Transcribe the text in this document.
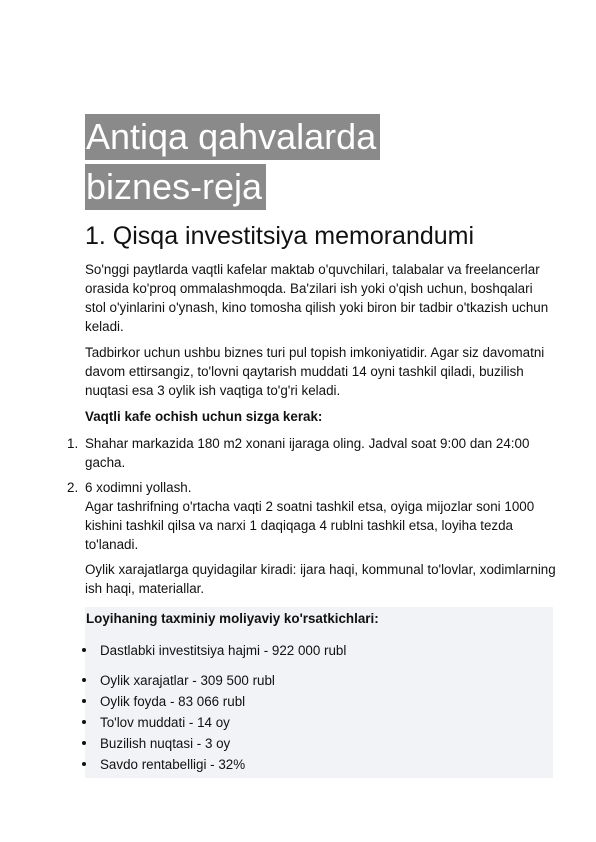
Antiqa qahvalarda
biznes-reja
1. Qisqa investitsiya memorandumi

So'nggi paytlarda vaqtli kafelar maktab o'quvchilari, talabalar va freelancerlar orasida ko'proq ommalashmoqda. Ba'zilari ish yoki o'qish uchun, boshqalari stol o'yinlarini o'ynash, kino tomosha qilish yoki biron bir tadbir o'tkazish uchun keladi.

Tadbirkor uchun ushbu biznes turi pul topish imkoniyatidir. Agar siz davomatni davom ettirsangiz, to'lovni qaytarish muddati 14 oyni tashkil qiladi, buzilish nuqtasi esa 3 oylik ish vaqtiga to'g'ri keladi.

Vaqtli kafe ochish uchun sizga kerak:

1. Shahar markazida 180 m2 xonani ijaraga oling. Jadval soat 9:00 dan 24:00 gacha.
2. 6 xodimni yollash.
Agar tashrifning o'rtacha vaqti 2 soatni tashkil etsa, oyiga mijozlar soni 1000 kishini tashkil qilsa va narxi 1 daqiqaga 4 rublni tashkil etsa, loyiha tezda to'lanadi.

Oylik xarajatlarga quyidagilar kiradi: ijara haqi, kommunal to'lovlar, xodimlarning ish haqi, materiallar.

Loyihaning taxminiy moliyaviy ko'rsatkichlari:

Dastlabki investitsiya hajmi - 922 000 rubl
Oylik xarajatlar - 309 500 rubl
Oylik foyda - 83 066 rubl
To'lov muddati - 14 oy
Buzilish nuqtasi - 3 oy
Savdo rentabelligi - 32%
